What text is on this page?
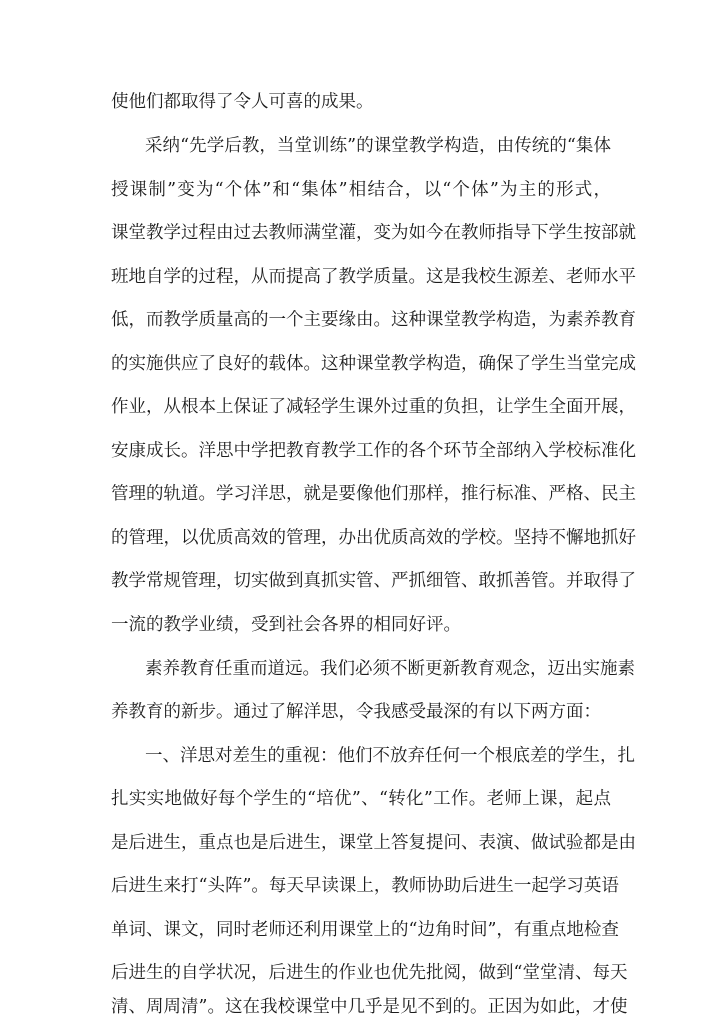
使他们都取得了令人可喜的成果。

采纳“先学后教，当堂训练”的课堂教学构造，由传统的“集体

授课制”变为“个体”和“集体”相结合，以“个体”为主的形式，

课堂教学过程由过去教师满堂灌，变为如今在教师指导下学生按部就

班地自学的过程，从而提高了教学质量。这是我校生源差、老师水平

低，而教学质量高的一个主要缘由。这种课堂教学构造，为素养教育

的实施供应了良好的载体。这种课堂教学构造，确保了学生当堂完成

作业，从根本上保证了减轻学生课外过重的负担，让学生全面开展，

安康成长。洋思中学把教育教学工作的各个环节全部纳入学校标准化

管理的轨道。学习洋思，就是要像他们那样，推行标准、严格、民主

的管理，以优质高效的管理，办出优质高效的学校。坚持不懈地抓好

教学常规管理，切实做到真抓实管、严抓细管、敢抓善管。并取得了

一流的教学业绩，受到社会各界的相同好评。

素养教育任重而道远。我们必须不断更新教育观念，迈出实施素

养教育的新步。通过了解洋思，令我感受最深的有以下两方面：

一、洋思对差生的重视：他们不放弃任何一个根底差的学生，扎

扎实实地做好每个学生的“培优”、“转化”工作。老师上课，起点

是后进生，重点也是后进生，课堂上答复提问、表演、做试验都是由

后进生来打“头阵”。每天早读课上，教师协助后进生一起学习英语

单词、课文，同时老师还利用课堂上的“边角时间”，有重点地检查

后进生的自学状况，后进生的作业也优先批阅，做到“堂堂清、每天

清、周周清”。这在我校课堂中几乎是见不到的。正因为如此，才使
